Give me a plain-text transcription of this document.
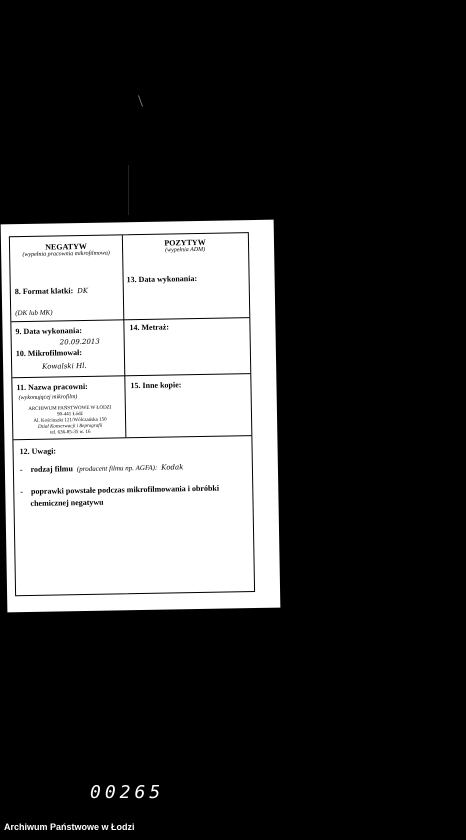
NEGATYW
(wypełnia pracownia mikrofilmowa)
POZYTYW
(wypełnia ADM)
8. Format klatki: DK
(DK lub MK)
13. Data wykonania:
9. Data wykonania:
20.09.2013
14. Metraż:
10. Mikrofilmował:
Kowalski Hl.
11. Nazwa pracowni:
(wykonującej mikrofilm)
ARCHIWUM PAŃSTWOWE W ŁODZI
90-441 Łódź
Al. Kościuszki 121/Wólczańska 150
Dział Konserwacji i Reprografii
tel. 636-85-35 w. 16
15. Inne kopie:
12. Uwagi:
- rodzaj filmu (producent filmu np. AGFA): Kodak
- poprawki powstałe podczas mikrofilmowania i obróbki
chemicznej negatywu
00265
Archiwum Państwowe w Łodzi
